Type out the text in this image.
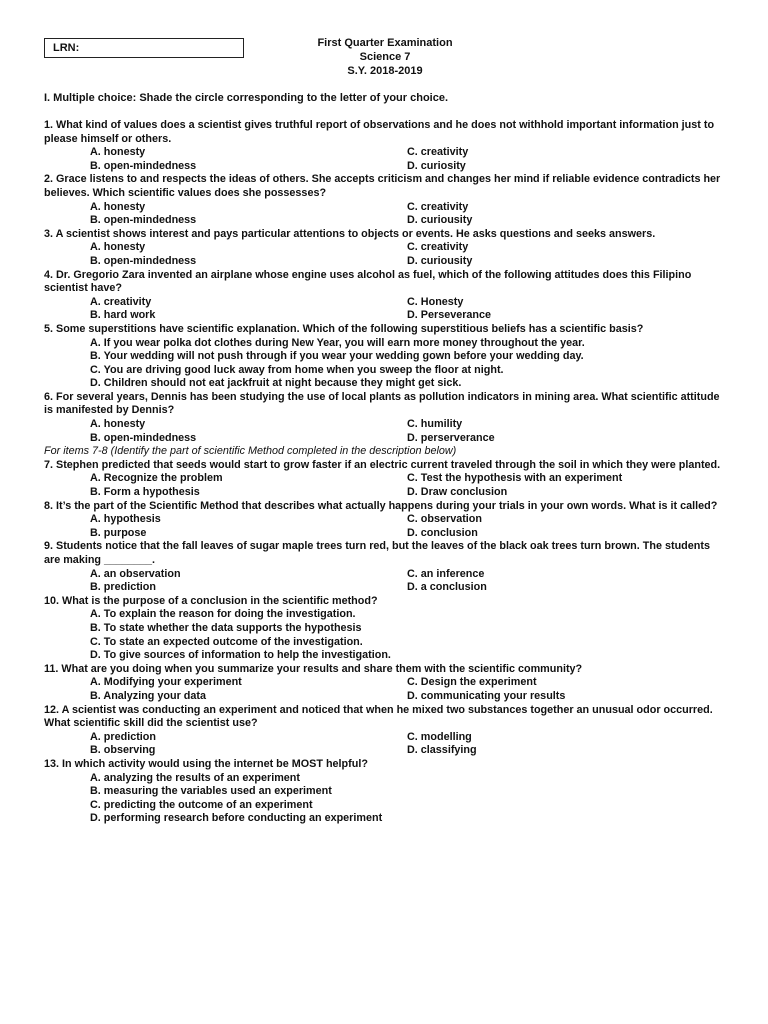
LRN:	First Quarter Examination
Science 7
S.Y. 2018-2019
I. Multiple choice: Shade the circle corresponding to the letter of your choice.

1. What kind of values does a scientist gives truthful report of observations and he does not withhold important information just to please himself or others.

A. honesty	C. creativity
B. open-mindedness	D. curiosity

2. Grace listens to and respects the ideas of others. She accepts criticism and changes her mind if reliable evidence contradicts her believes. Which scientific values does she possesses?

A. honesty	C. creativity
B. open-mindedness	D. curiousity

3. A scientist shows interest and pays particular attentions to objects or events. He asks questions and seeks answers.

A. honesty	C. creativity
B. open-mindedness	D. curiousity

4. Dr. Gregorio Zara invented an airplane whose engine uses alcohol as fuel, which of the following attitudes does this Filipino scientist have?

A. creativity	C. Honesty
B. hard work	D. Perseverance

5. Some superstitions have scientific explanation. Which of the following superstitious beliefs has a scientific basis?

A. If you wear polka dot clothes during New Year, you will earn more money throughout the year.
B. Your wedding will not push through if you wear your wedding gown before your wedding day.
C. You are driving good luck away from home when you sweep the floor at night.
D. Children should not eat jackfruit at night because they might get sick.

6. For several years, Dennis has been studying the use of local plants as pollution indicators in mining area. What scientific attitude is manifested by Dennis?

A. honesty	C. humility
B. open-mindedness	D. perserverance

For items 7-8 (Identify the part of scientific Method completed in the description below)

7. Stephen predicted that seeds would start to grow faster if an electric current traveled through the soil in which they were planted.

A. Recognize the problem	C. Test the hypothesis with an experiment
B. Form a hypothesis	D. Draw conclusion

8. It’s the part of the Scientific Method that describes what actually happens during your trials in your own words. What is it called?

A. hypothesis	C. observation
B. purpose	D. conclusion

9. Students notice that the fall leaves of sugar maple trees turn red, but the leaves of the black oak trees turn brown. The students are making ________.

A. an observation	C. an inference
B. prediction	D. a conclusion

10. What is the purpose of a conclusion in the scientific method?

A. To explain the reason for doing the investigation.
B. To state whether the data supports the hypothesis
C. To state an expected outcome of the investigation.
D. To give sources of information to help the investigation.

11. What are you doing when you summarize your results and share them with the scientific community?

A. Modifying your experiment	C. Design the experiment
B. Analyzing your data	D. communicating your results

12. A scientist was conducting an experiment and noticed that when he mixed two substances together an unusual odor occurred. What scientific skill did the scientist use?

A. prediction	C. modelling
B. observing	D. classifying

13. In which activity would using the internet be MOST helpful?

A. analyzing the results of an experiment
B. measuring the variables used an experiment
C. predicting the outcome of an experiment
D. performing research before conducting an experiment
